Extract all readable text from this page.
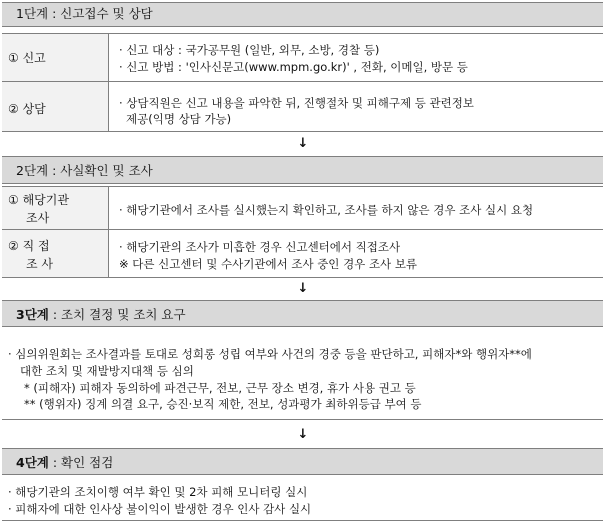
1단계 : 신고접수 및 상담
① 신고
· 신고 대상 : 국가공무원 (일반, 외무, 소방, 경찰 등)
· 신고 방법 : '인사신문고(www.mpm.go.kr)' , 전화, 이메일, 방문 등
② 상담	· 상담직원은 신고 내용을 파악한 뒤, 진행절차 및 피해구제 등 관련정보
제공(익명 상담 가능)
↓
2단계 : 사실확인 및 조사
① 해당기관
조사
· 해당기관에서 조사를 실시했는지 확인하고, 조사를 하지 않은 경우 조사 실시 요청
② 직 접
조 사
· 해당기관의 조사가 미흡한 경우 신고센터에서 직접조사
※ 다른 신고센터 및 수사기관에서 조사 중인 경우 조사 보류
↓
3단계 : 조치 결정 및 조치 요구
· 심의위원회는 조사결과를 토대로 성희롱 성립 여부와 사건의 경중 등을 판단하고, 피해자*와 행위자**에
대한 조치 및 재발방지대책 등 심의
* (피해자) 피해자 동의하에 파견근무, 전보, 근무 장소 변경, 휴가 사용 권고 등
** (행위자) 징계 의결 요구, 승진·보직 제한, 전보, 성과평가 최하위등급 부여 등
↓
4단계 : 확인 점검
· 해당기관의 조치이행 여부 확인 및 2차 피해 모니터링 실시
· 피해자에 대한 인사상 불이익이 발생한 경우 인사 감사 실시
